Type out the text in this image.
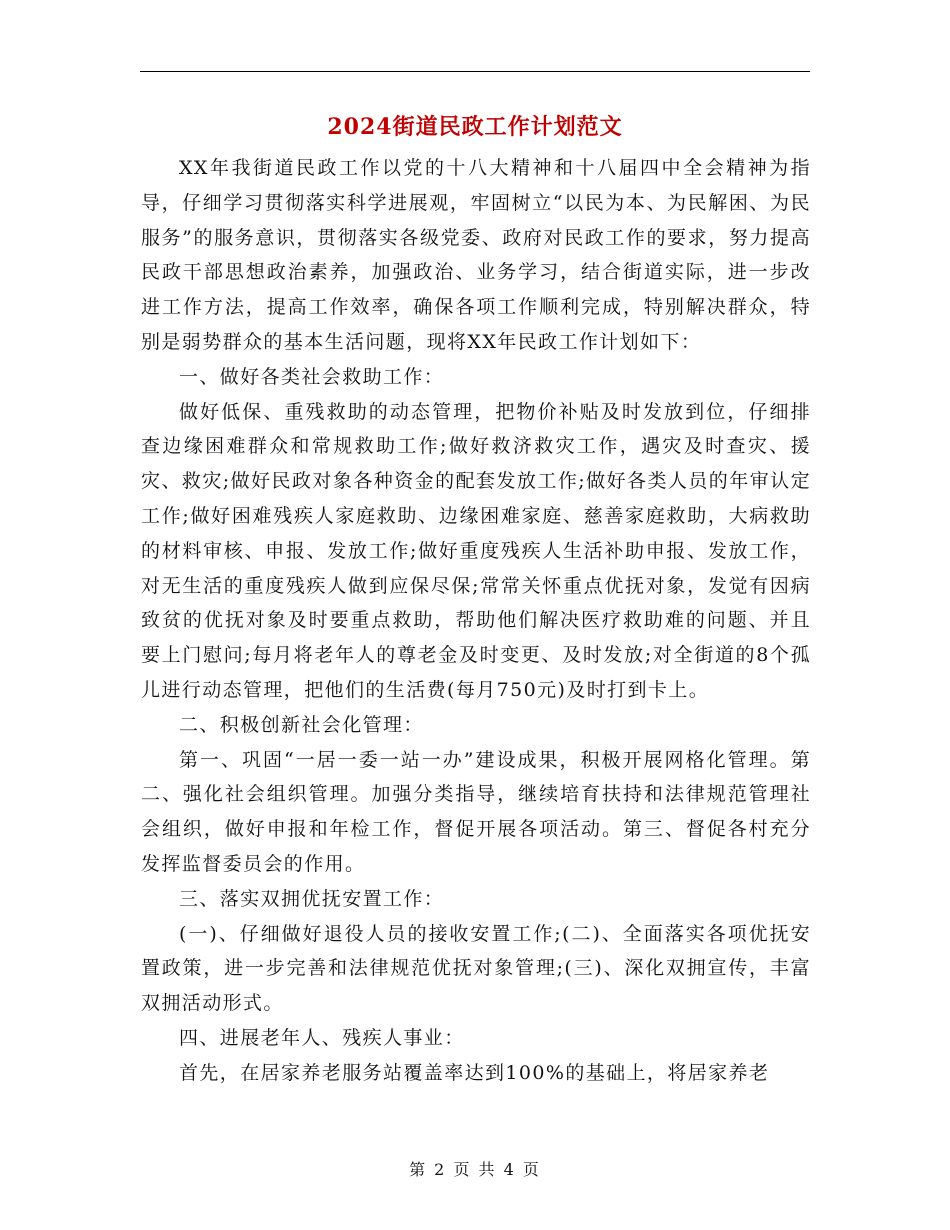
2024街道民政工作计划范文

XX年我街道民政工作以党的十八大精神和十八届四中全会精神为指导，仔细学习贯彻落实科学进展观，牢固树立“以民为本、为民解困、为民服务”的服务意识，贯彻落实各级党委、政府对民政工作的要求，努力提高民政干部思想政治素养，加强政治、业务学习，结合街道实际，进一步改进工作方法，提高工作效率，确保各项工作顺利完成，特别解决群众，特别是弱势群众的基本生活问题，现将XX年民政工作计划如下：

一、做好各类社会救助工作：

做好低保、重残救助的动态管理，把物价补贴及时发放到位，仔细排查边缘困难群众和常规救助工作;做好救济救灾工作，遇灾及时查灾、援灾、救灾;做好民政对象各种资金的配套发放工作;做好各类人员的年审认定工作;做好困难残疾人家庭救助、边缘困难家庭、慈善家庭救助，大病救助的材料审核、申报、发放工作;做好重度残疾人生活补助申报、发放工作，对无生活的重度残疾人做到应保尽保;常常关怀重点优抚对象，发觉有因病致贫的优抚对象及时要重点救助，帮助他们解决医疗救助难的问题、并且要上门慰问;每月将老年人的尊老金及时变更、及时发放;对全街道的8个孤儿进行动态管理，把他们的生活费(每月750元)及时打到卡上。

二、积极创新社会化管理：

第一、巩固“一居一委一站一办”建设成果，积极开展网格化管理。第二、强化社会组织管理。加强分类指导，继续培育扶持和法律规范管理社会组织，做好申报和年检工作，督促开展各项活动。第三、督促各村充分发挥监督委员会的作用。

三、落实双拥优抚安置工作：

(一)、仔细做好退役人员的接收安置工作;(二)、全面落实各项优抚安置政策，进一步完善和法律规范优抚对象管理;(三)、深化双拥宣传，丰富双拥活动形式。

四、进展老年人、残疾人事业：

首先，在居家养老服务站覆盖率达到100%的基础上，将居家养老

第 2 页 共 4 页
